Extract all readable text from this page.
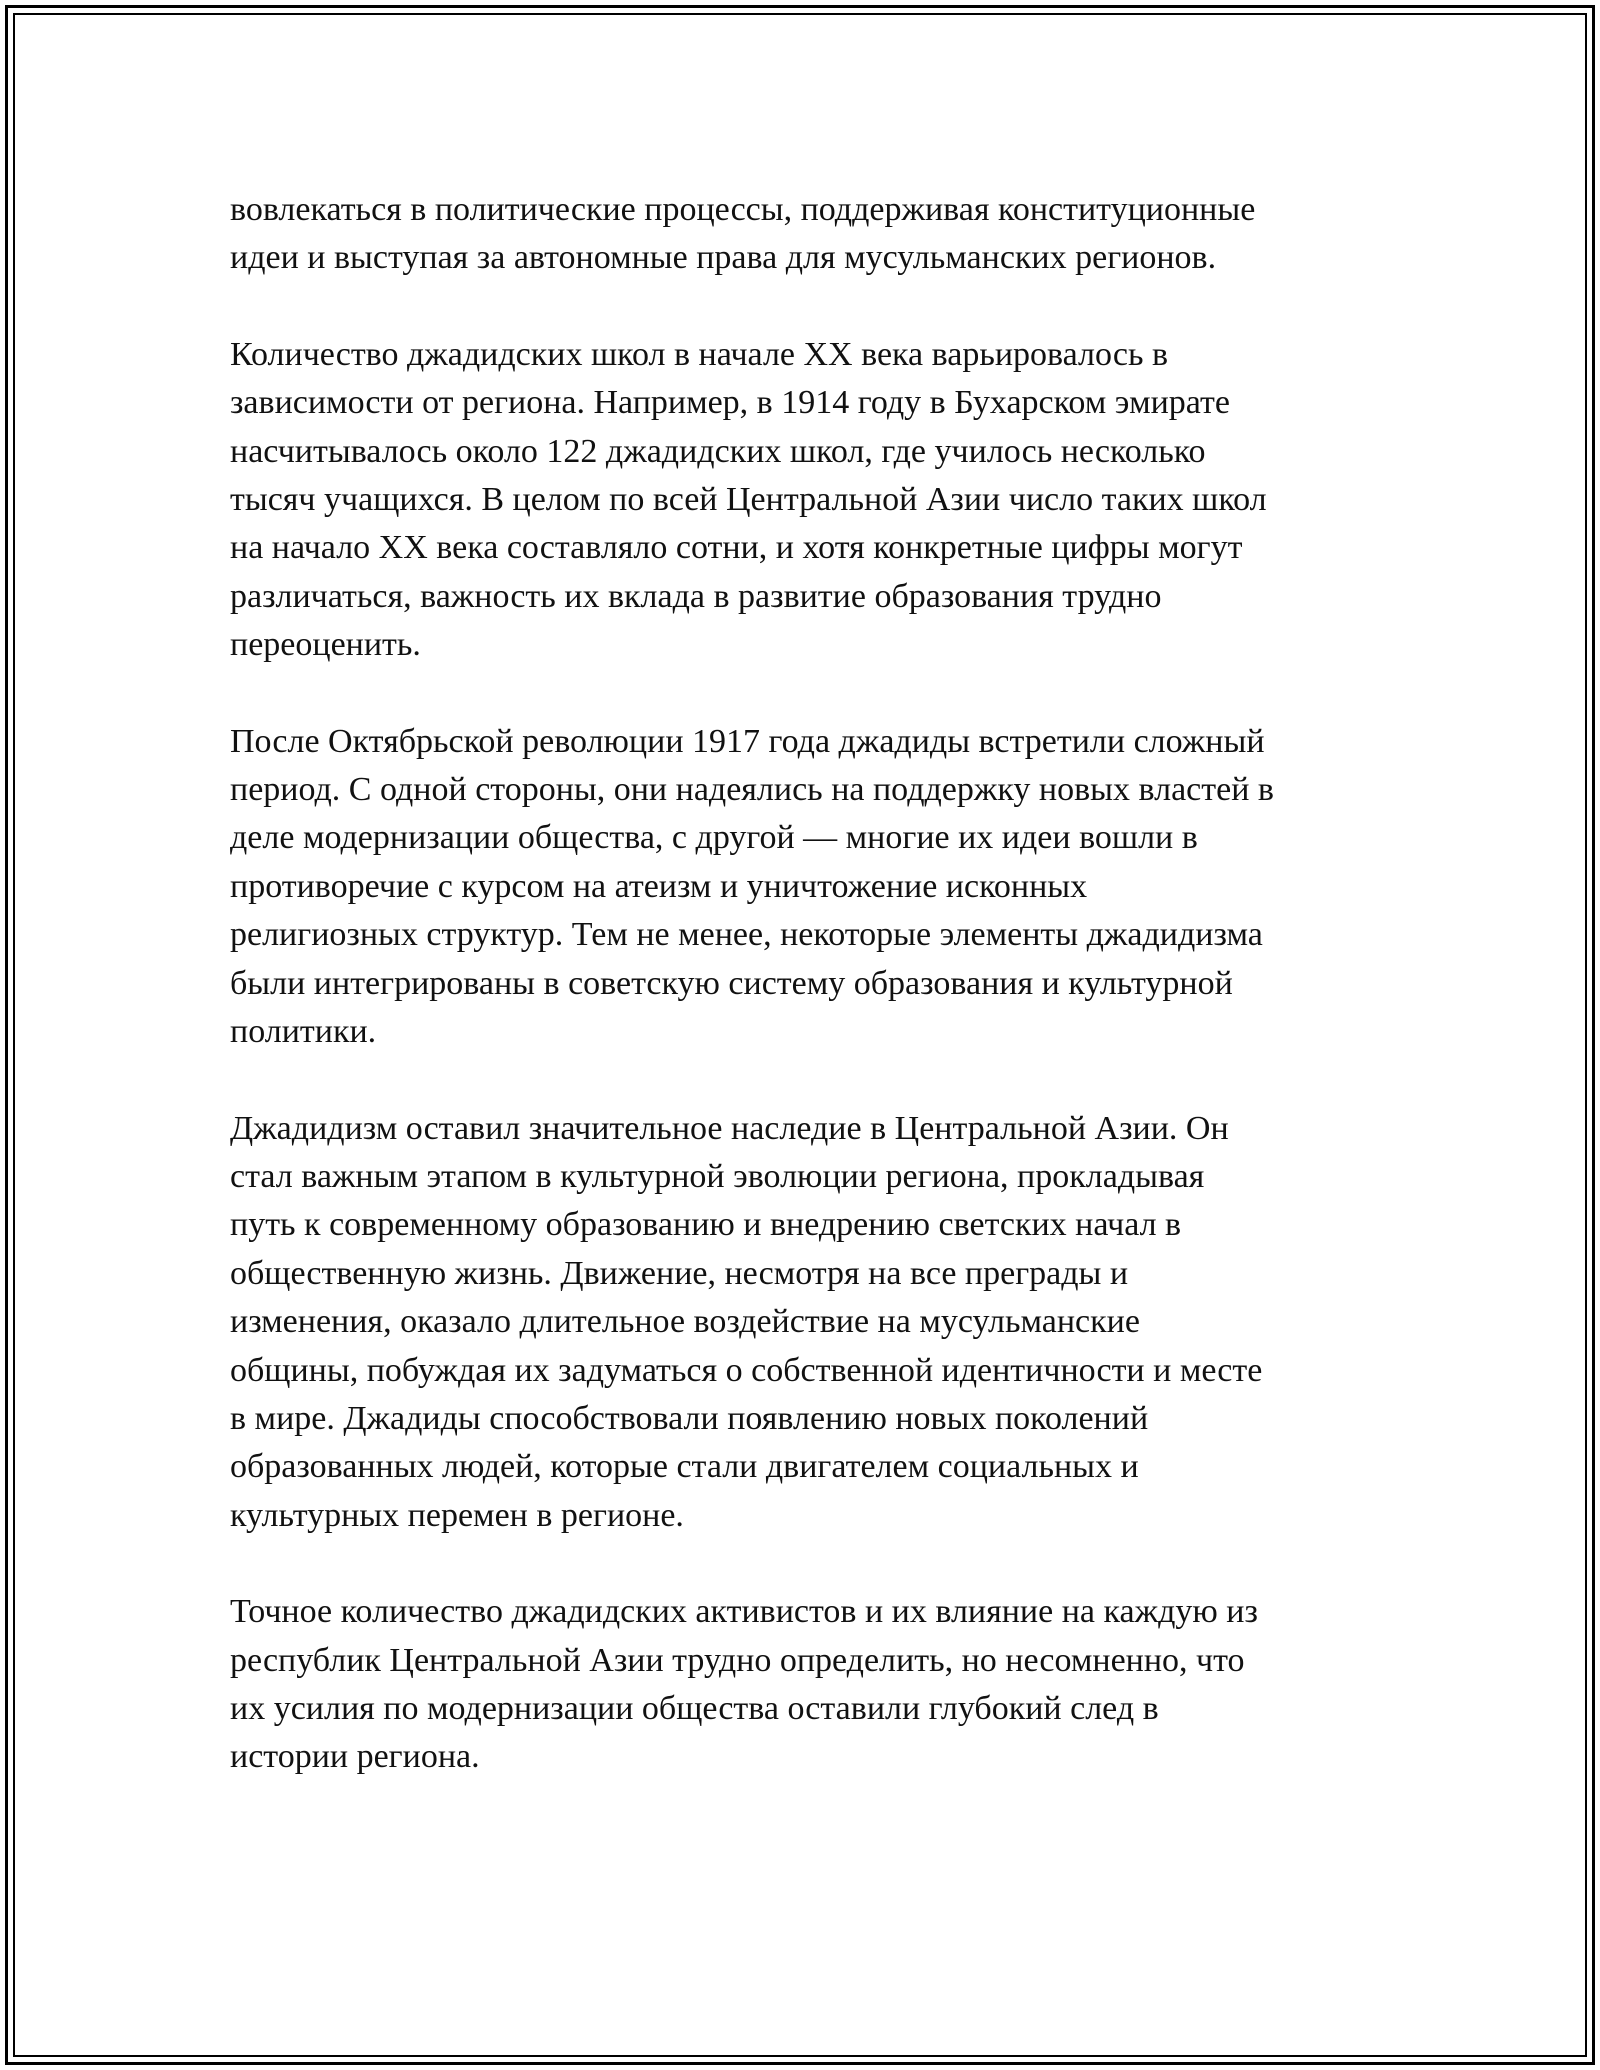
вовлекаться в политические процессы, поддерживая конституционные
идеи и выступая за автономные права для мусульманских регионов.

Количество джадидских школ в начале XX века варьировалось в
зависимости от региона. Например, в 1914 году в Бухарском эмирате
насчитывалось около 122 джадидских школ, где училось несколько
тысяч учащихся. В целом по всей Центральной Азии число таких школ
на начало XX века составляло сотни, и хотя конкретные цифры могут
различаться, важность их вклада в развитие образования трудно
переоценить.

После Октябрьской революции 1917 года джадиды встретили сложный
период. С одной стороны, они надеялись на поддержку новых властей в
деле модернизации общества, с другой — многие их идеи вошли в
противоречие с курсом на атеизм и уничтожение исконных
религиозных структур. Тем не менее, некоторые элементы джадидизма
были интегрированы в советскую систему образования и культурной
политики.

Джадидизм оставил значительное наследие в Центральной Азии. Он
стал важным этапом в культурной эволюции региона, прокладывая
путь к современному образованию и внедрению светских начал в
общественную жизнь. Движение, несмотря на все преграды и
изменения, оказало длительное воздействие на мусульманские
общины, побуждая их задуматься о собственной идентичности и месте
в мире. Джадиды способствовали появлению новых поколений
образованных людей, которые стали двигателем социальных и
культурных перемен в регионе.

Точное количество джадидских активистов и их влияние на каждую из
республик Центральной Азии трудно определить, но несомненно, что
их усилия по модернизации общества оставили глубокий след в
истории региона.
